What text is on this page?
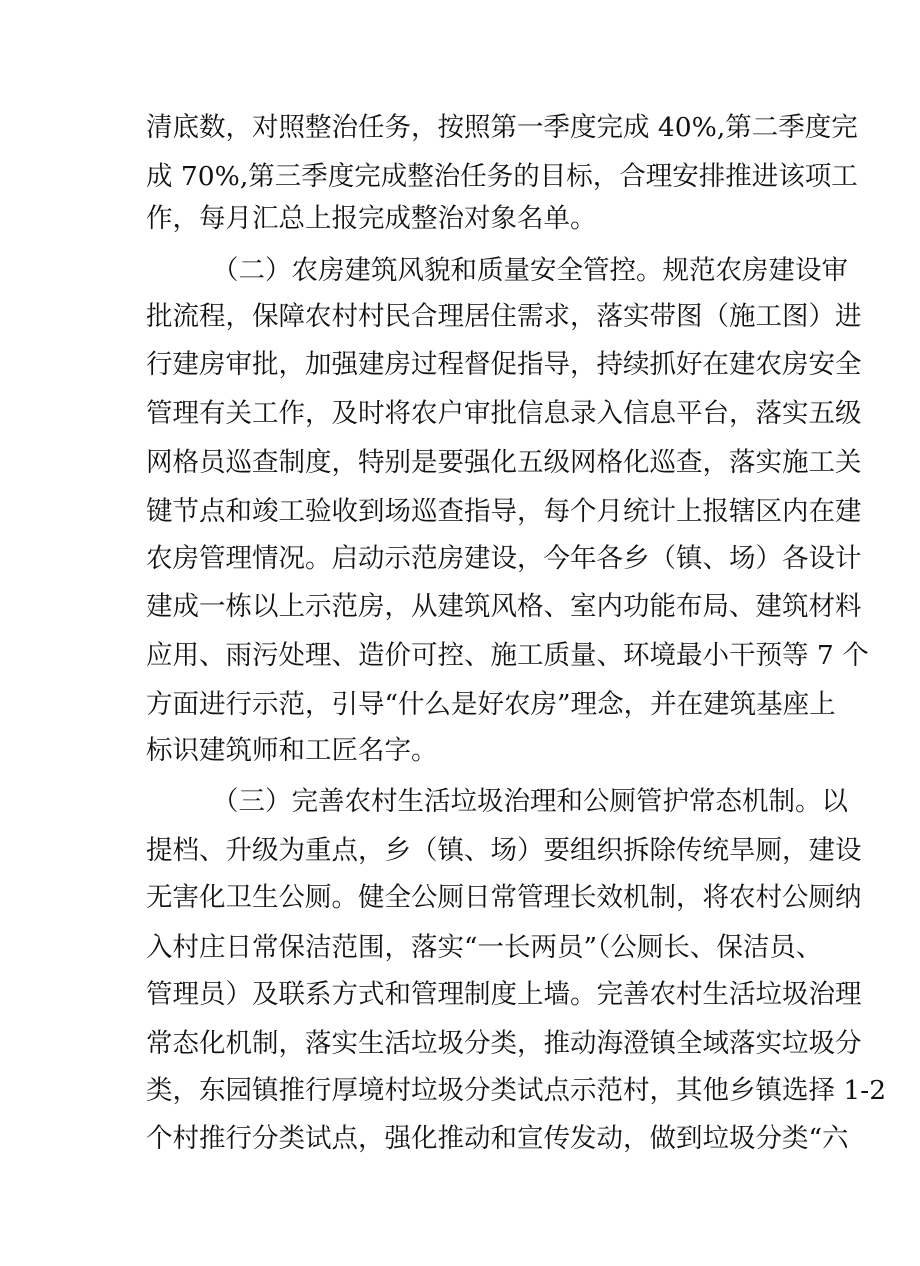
清底数，对照整治任务，按照第一季度完成 40%,第二季度完
成 70%,第三季度完成整治任务的目标，合理安排推进该项工
作，每月汇总上报完成整治对象名单。
（二）农房建筑风貌和质量安全管控。规范农房建设审
批流程，保障农村村民合理居住需求，落实带图（施工图）进
行建房审批，加强建房过程督促指导，持续抓好在建农房安全
管理有关工作，及时将农户审批信息录入信息平台，落实五级
网格员巡查制度，特别是要强化五级网格化巡查，落实施工关
键节点和竣工验收到场巡查指导，每个月统计上报辖区内在建
农房管理情况。启动示范房建设，今年各乡（镇、场）各设计
建成一栋以上示范房，从建筑风格、室内功能布局、建筑材料
应用、雨污处理、造价可控、施工质量、环境最小干预等 7 个
方面进行示范，引导“什么是好农房”理念，并在建筑基座上
标识建筑师和工匠名字。
（三）完善农村生活垃圾治理和公厕管护常态机制。以
提档、升级为重点，乡（镇、场）要组织拆除传统旱厕，建设
无害化卫生公厕。健全公厕日常管理长效机制，将农村公厕纳
入村庄日常保洁范围，落实“一长两员”（公厕长、保洁员、
管理员）及联系方式和管理制度上墙。完善农村生活垃圾治理
常态化机制，落实生活垃圾分类，推动海澄镇全域落实垃圾分
类，东园镇推行厚境村垃圾分类试点示范村，其他乡镇选择 1-2
个村推行分类试点，强化推动和宣传发动，做到垃圾分类“六
